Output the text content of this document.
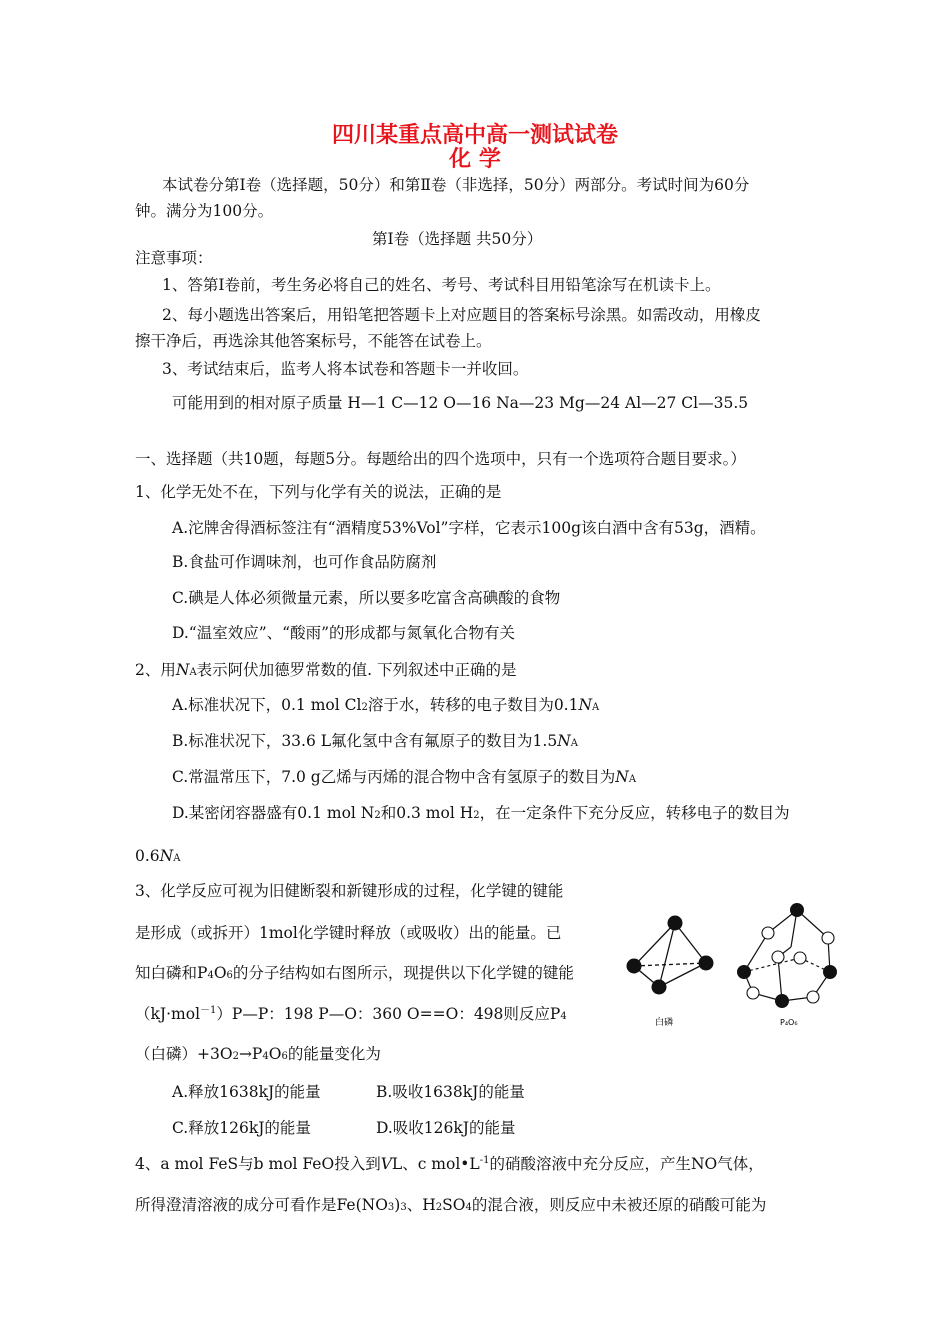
四川某重点高中高一测试试卷
化 学
本试卷分第Ⅰ卷（选择题，50分）和第Ⅱ卷（非选择，50分）两部分。考试时间为60分
钟。满分为100分。
第Ⅰ卷（选择题 共50分）
注意事项：
1、答第Ⅰ卷前，考生务必将自己的姓名、考号、考试科目用铅笔涂写在机读卡上。
2、每小题选出答案后，用铅笔把答题卡上对应题目的答案标号涂黑。如需改动，用橡皮
擦干净后，再选涂其他答案标号，不能答在试卷上。
3、考试结束后，监考人将本试卷和答题卡一并收回。
可能用到的相对原子质量 H—1 C—12 O—16 Na—23 Mg—24 Al—27 Cl—35.5
一、选择题（共10题，每题5分。每题给出的四个选项中，只有一个选项符合题目要求。）
1、化学无处不在，下列与化学有关的说法，正确的是
A.沱牌舍得酒标签注有“酒精度53%Vol”字样，它表示100g该白酒中含有53g，酒精。
B.食盐可作调味剂，也可作食品防腐剂
C.碘是人体必须微量元素，所以要多吃富含高碘酸的食物
D.“温室效应”、“酸雨”的形成都与氮氧化合物有关
2、用NA表示阿伏加德罗常数的值. 下列叙述中正确的是
A.标准状况下，0.1 mol Cl2溶于水，转移的电子数目为0.1NA
B.标准状况下，33.6 L氟化氢中含有氟原子的数目为1.5NA
C.常温常压下，7.0 g乙烯与丙烯的混合物中含有氢原子的数目为NA
D.某密闭容器盛有0.1 mol N2和0.3 mol H2，在一定条件下充分反应，转移电子的数目为
0.6NA
3、化学反应可视为旧健断裂和新键形成的过程，化学键的键能
是形成（或拆开）1mol化学键时释放（或吸收）出的能量。已
知白磷和P4O6的分子结构如右图所示，现提供以下化学键的键能
（kJ·mol$^{-1}$）P—P：198 P—O：360 O==O：498则反应P4
（白磷）+3O2→P4O6的能量变化为
A.释放1638kJ的能量	B.吸收1638kJ的能量
C.释放126kJ的能量	D.吸收126kJ的能量
白磷	P₄O₆
4、a mol FeS与b mol FeO投入到VL、c $mol•L^{-1}$的硝酸溶液中充分反应，产生NO气体，
所得澄清溶液的成分可看作是Fe(NO3)3、H2SO4的混合液，则反应中未被还原的硝酸可能为
